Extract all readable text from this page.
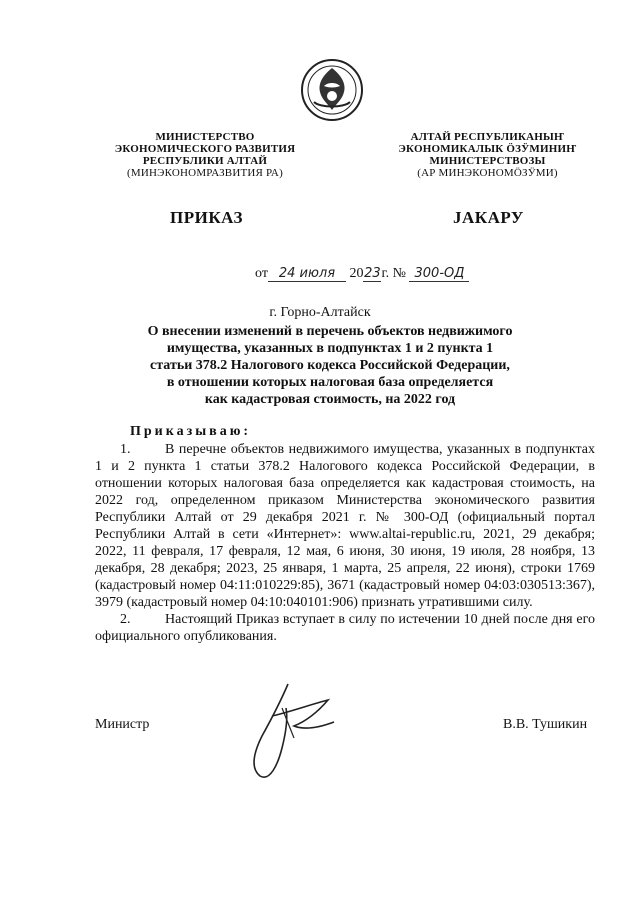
МИНИСТЕРСТВО
ЭКОНОМИЧЕСКОГО РАЗВИТИЯ
РЕСПУБЛИКИ АЛТАЙ
(МИНЭКОНОМРАЗВИТИЯ РА)
АЛТАЙ РЕСПУБЛИКАНЫҤ
ЭКОНОМИКАЛЫК ÖЗӰМИНИҤ
МИНИСТЕРСТВОЗЫ
(АР МИНЭКОНОМÖЗӰМИ)
ПРИКАЗ	ЈАКАРУ
от 24 июля 2023г. № 300-ОД
г. Горно-Алтайск
О внесении изменений в перечень объектов недвижимого
имущества, указанных в подпунктах 1 и 2 пункта 1
статьи 378.2 Налогового кодекса Российской Федерации,
в отношении которых налоговая база определяется
как кадастровая стоимость, на 2022 год
Приказываю:

1. В перечне объектов недвижимого имущества, указанных в подпунктах 1 и 2 пункта 1 статьи 378.2 Налогового кодекса Российской Федерации, в отношении которых налоговая база определяется как кадастровая стоимость, на 2022 год, определенном приказом Министерства экономического развития Республики Алтай от 29 декабря 2021 г. № 300-ОД (официальный портал Республики Алтай в сети «Интернет»: www.altai-republic.ru, 2021, 29 декабря; 2022, 11 февраля, 17 февраля, 12 мая, 6 июня, 30 июня, 19 июля, 28 ноября, 13 декабря, 28 декабря; 2023, 25 января, 1 марта, 25 апреля, 22 июня), строки 1769 (кадастровый номер 04:11:010229:85), 3671 (кадастровый номер 04:03:030513:367), 3979 (кадастровый номер 04:10:040101:906) признать утратившими силу.

2. Настоящий Приказ вступает в силу по истечении 10 дней после дня его официального опубликования.

Министр	В.В. Тушикин
